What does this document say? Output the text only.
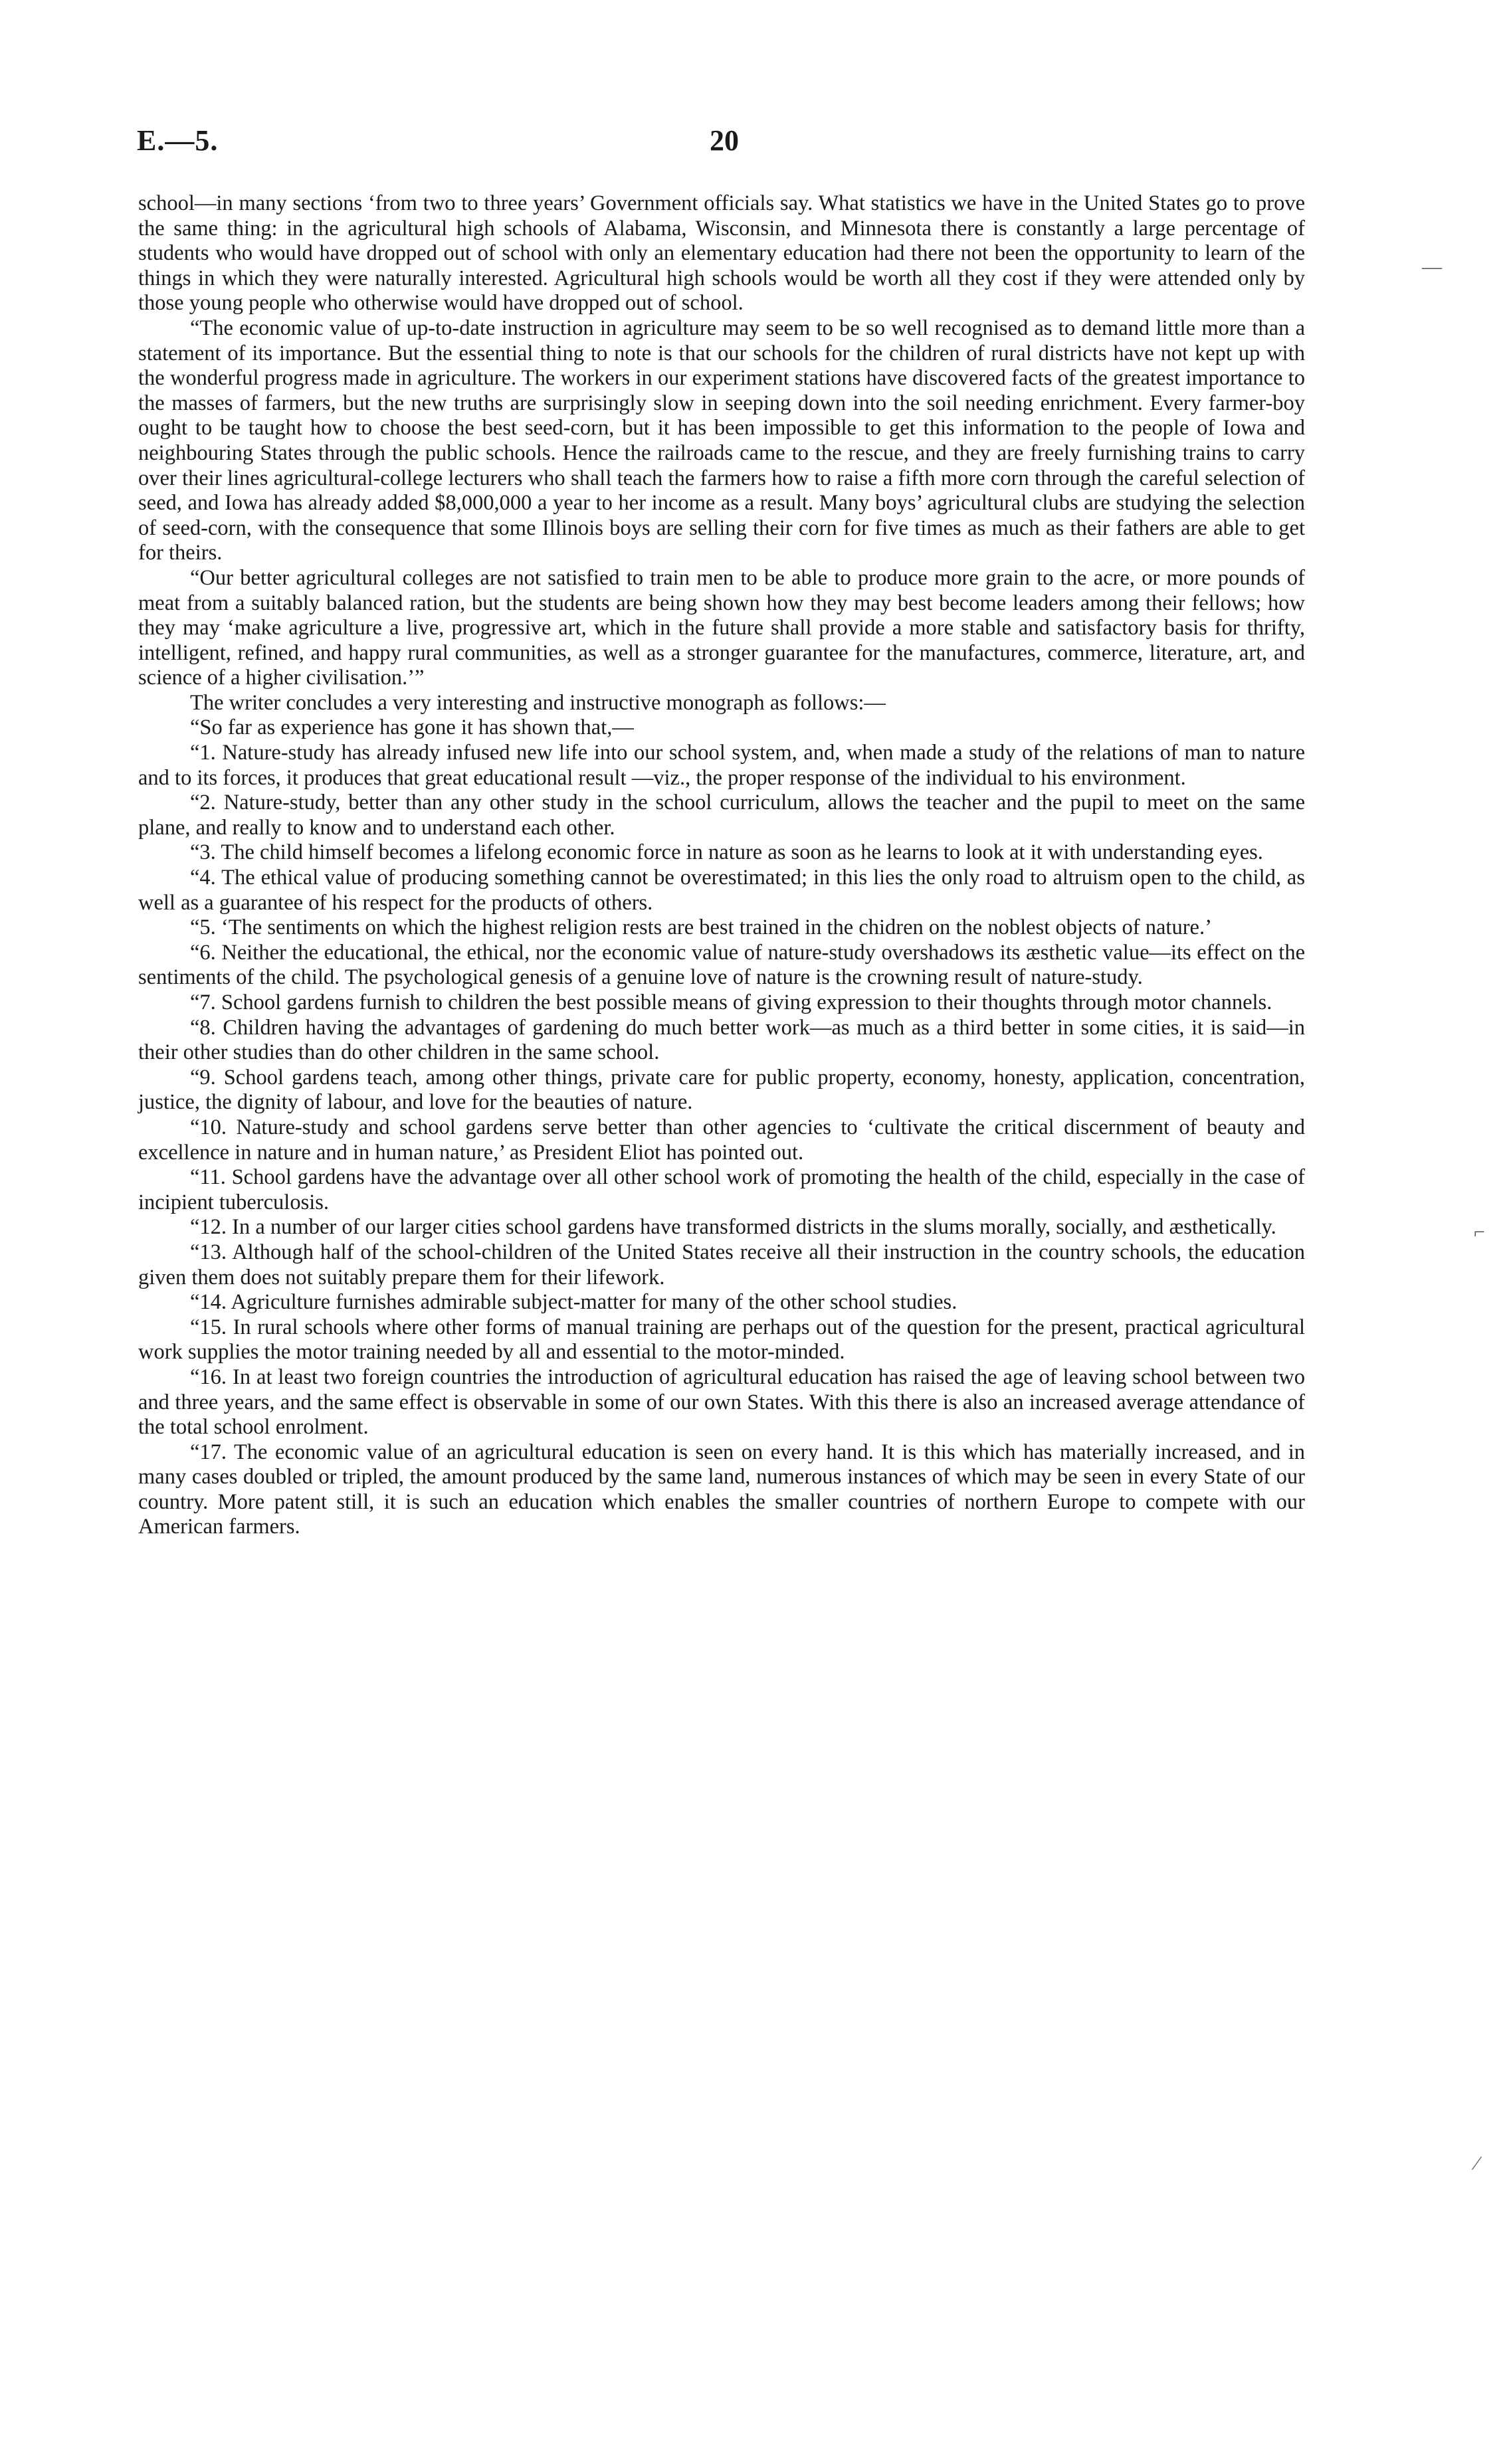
E.—5.	20

school—in many sections ‘from two to three years’ Government officials say. What statistics we have in the United States go to prove the same thing: in the agricultural high schools of Alabama, Wisconsin, and Minnesota there is constantly a large percentage of students who would have dropped out of school with only an elementary education had there not been the opportunity to learn of the things in which they were naturally interested. Agricultural high schools would be worth all they cost if they were attended only by those young people who otherwise would have dropped out of school.

“The economic value of up-to-date instruction in agriculture may seem to be so well recognised as to demand little more than a statement of its importance. But the essential thing to note is that our schools for the children of rural districts have not kept up with the wonderful progress made in agriculture. The workers in our experiment stations have discovered facts of the greatest importance to the masses of farmers, but the new truths are surprisingly slow in seeping down into the soil needing enrichment. Every farmer-boy ought to be taught how to choose the best seed-corn, but it has been impossible to get this information to the people of Iowa and neighbouring States through the public schools. Hence the railroads came to the rescue, and they are freely furnishing trains to carry over their lines agricultural-college lecturers who shall teach the farmers how to raise a fifth more corn through the careful selection of seed, and Iowa has already added $8,000,000 a year to her income as a result. Many boys’ agricultural clubs are studying the selection of seed-corn, with the consequence that some Illinois boys are selling their corn for five times as much as their fathers are able to get for theirs.

“Our better agricultural colleges are not satisfied to train men to be able to produce more grain to the acre, or more pounds of meat from a suitably balanced ration, but the students are being shown how they may best become leaders among their fellows; how they may ‘make agriculture a live, progressive art, which in the future shall provide a more stable and satisfactory basis for thrifty, intelligent, refined, and happy rural communities, as well as a stronger guarantee for the manufactures, commerce, literature, art, and science of a higher civilisation.’”

The writer concludes a very interesting and instructive monograph as follows:—

“So far as experience has gone it has shown that,—

“1. Nature-study has already infused new life into our school system, and, when made a study of the relations of man to nature and to its forces, it produces that great educational result —viz., the proper response of the individual to his environment.

“2. Nature-study, better than any other study in the school curriculum, allows the teacher and the pupil to meet on the same plane, and really to know and to understand each other.

“3. The child himself becomes a lifelong economic force in nature as soon as he learns to look at it with understanding eyes.

“4. The ethical value of producing something cannot be overestimated; in this lies the only road to altruism open to the child, as well as a guarantee of his respect for the products of others.

“5. ‘The sentiments on which the highest religion rests are best trained in the chidren on the noblest objects of nature.’

“6. Neither the educational, the ethical, nor the economic value of nature-study overshadows its æsthetic value—its effect on the sentiments of the child. The psychological genesis of a genuine love of nature is the crowning result of nature-study.

“7. School gardens furnish to children the best possible means of giving expression to their thoughts through motor channels.

“8. Children having the advantages of gardening do much better work—as much as a third better in some cities, it is said—in their other studies than do other children in the same school.

“9. School gardens teach, among other things, private care for public property, economy, honesty, application, concentration, justice, the dignity of labour, and love for the beauties of nature.

“10. Nature-study and school gardens serve better than other agencies to ‘cultivate the critical discernment of beauty and excellence in nature and in human nature,’ as President Eliot has pointed out.

“11. School gardens have the advantage over all other school work of promoting the health of the child, especially in the case of incipient tuberculosis.

“12. In a number of our larger cities school gardens have transformed districts in the slums morally, socially, and æsthetically.

“13. Although half of the school-children of the United States receive all their instruction in the country schools, the education given them does not suitably prepare them for their lifework.

“14. Agriculture furnishes admirable subject-matter for many of the other school studies.

“15. In rural schools where other forms of manual training are perhaps out of the question for the present, practical agricultural work supplies the motor training needed by all and essential to the motor-minded.

“16. In at least two foreign countries the introduction of agricultural education has raised the age of leaving school between two and three years, and the same effect is observable in some of our own States. With this there is also an increased average attendance of the total school enrolment.

“17. The economic value of an agricultural education is seen on every hand. It is this which has materially increased, and in many cases doubled or tripled, the amount produced by the same land, numerous instances of which may be seen in every State of our country. More patent still, it is such an education which enables the smaller countries of northern Europe to compete with our American farmers.

—
⌐
∕
